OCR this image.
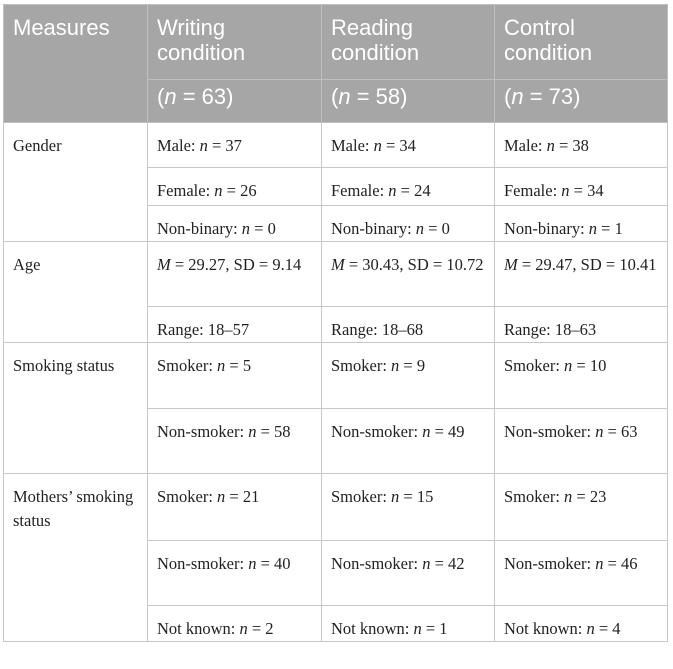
Measures	Writing condition	Reading condition	Control condition
	(n = 63)	(n = 58)	(n = 73)
Gender	Male: n = 37	Male: n = 34	Male: n = 38
	Female: n = 26	Female: n = 24	Female: n = 34
	Non-binary: n = 0	Non-binary: n = 0	Non-binary: n = 1
Age	M = 29.27, SD = 9.14	M = 30.43, SD = 10.72	M = 29.47, SD = 10.41
	Range: 18–57	Range: 18–68	Range: 18–63
Smoking status	Smoker: n = 5	Smoker: n = 9	Smoker: n = 10
	Non-smoker: n = 58	Non-smoker: n = 49	Non-smoker: n = 63
Mothers’ smoking status	Smoker: n = 21	Smoker: n = 15	Smoker: n = 23
	Non-smoker: n = 40	Non-smoker: n = 42	Non-smoker: n = 46
	Not known: n = 2	Not known: n = 1	Not known: n = 4
